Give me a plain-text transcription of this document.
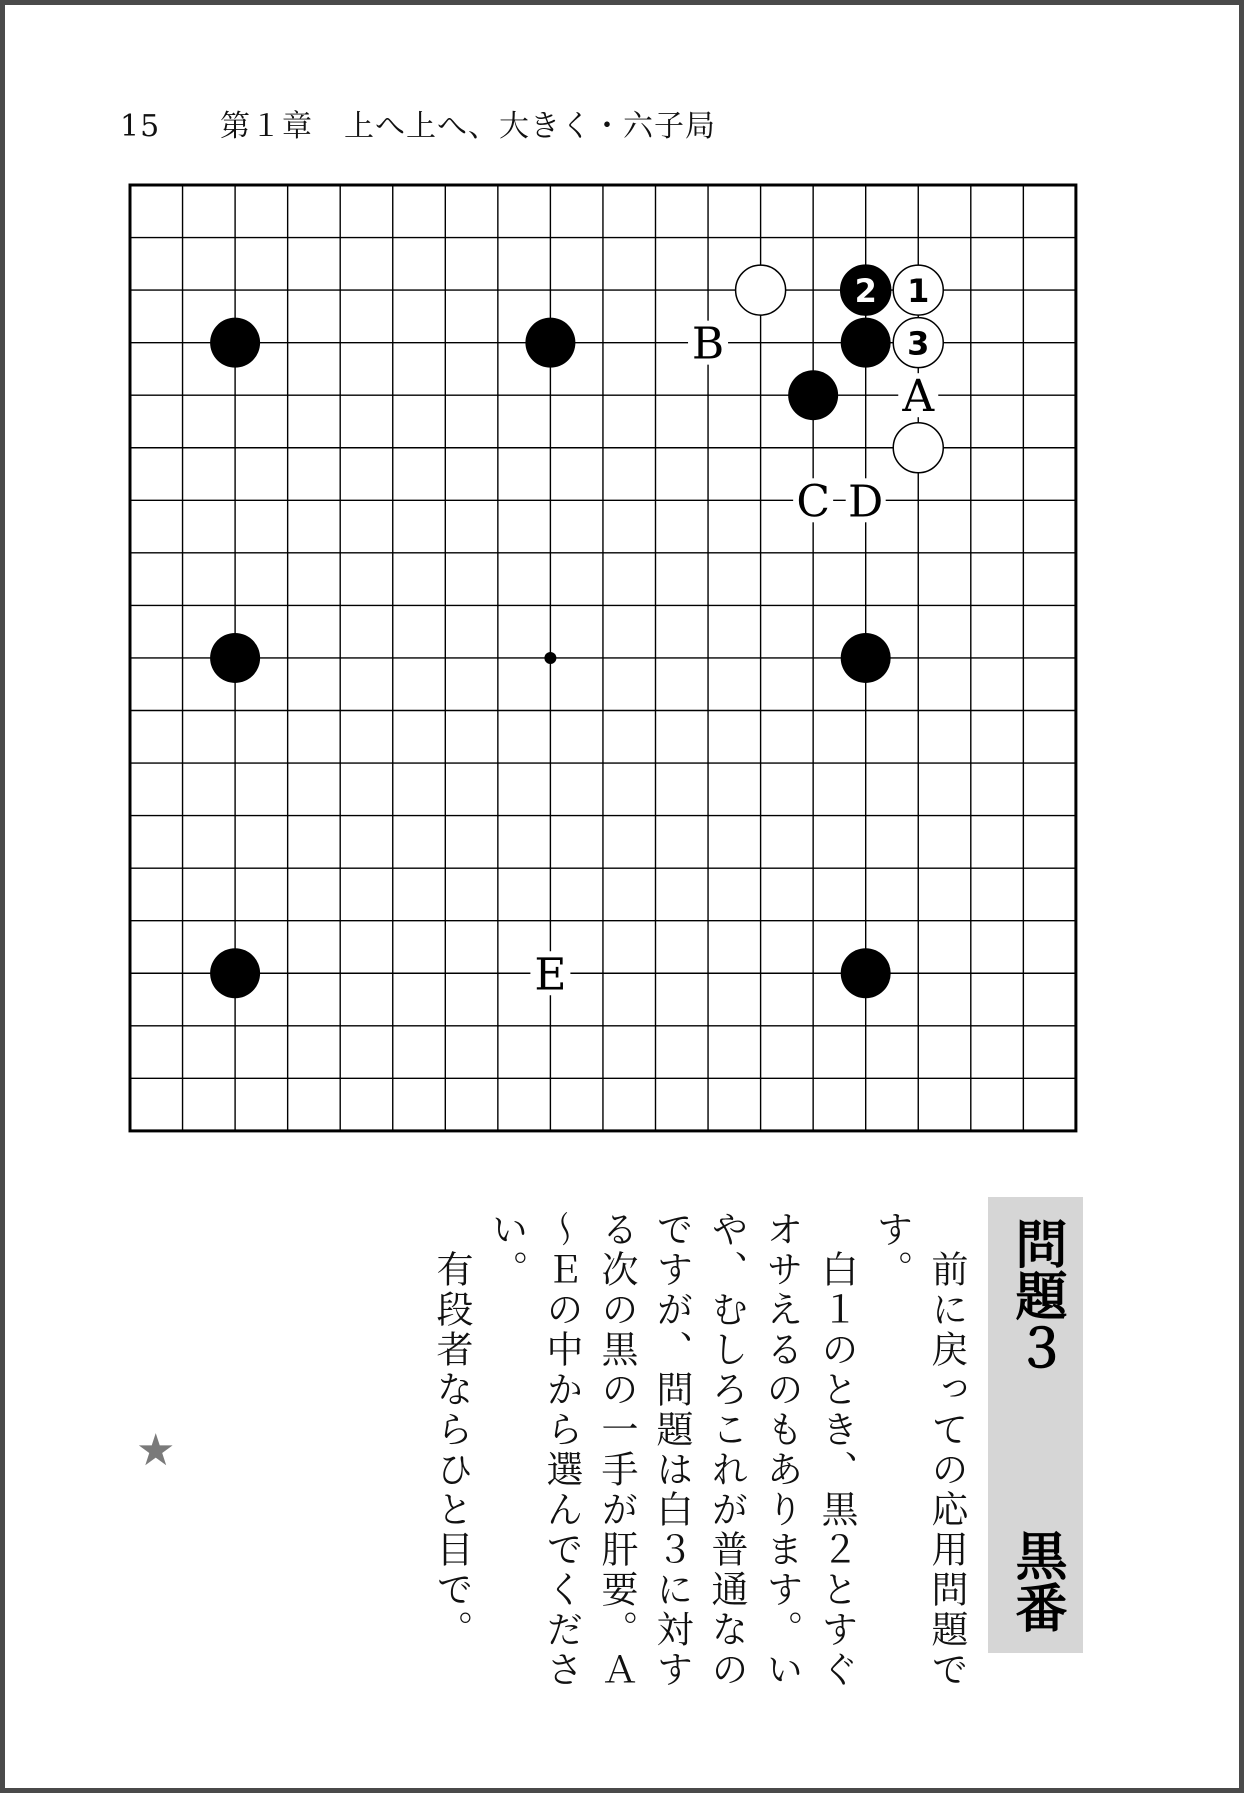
15 第１章　上へ上へ、大きく・六子局
2 1
3
B
A
C D
E
問題３
黒番

　前に戻っての応用問題です。

　白１のとき、黒２とすぐオサえるのもあります。いや、むしろこれが普通なのですが、問題は白３に対する次の黒の一手が肝要。Ａ～Ｅの中から選んでください。

　有段者ならひと目で。

★
